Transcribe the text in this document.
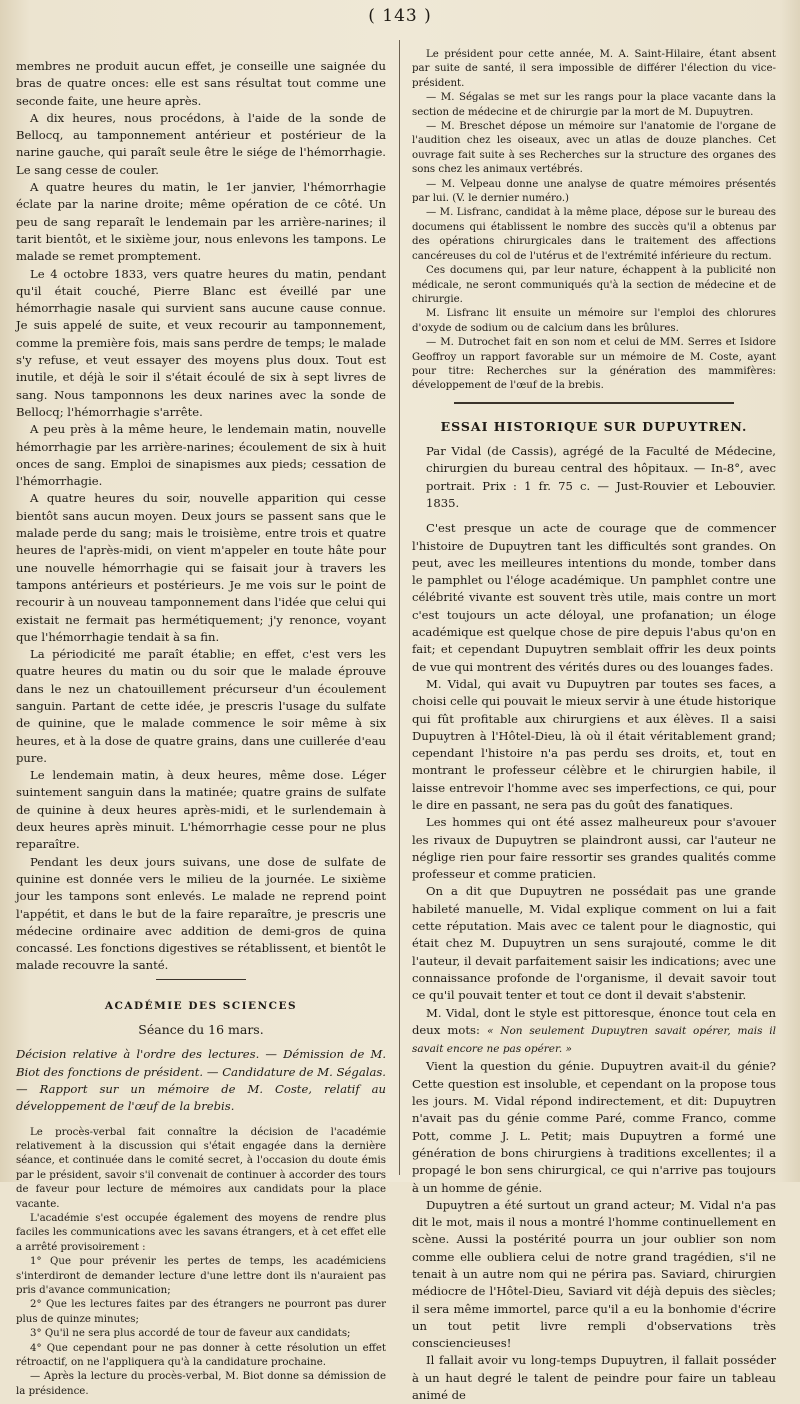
( 143 )

membres ne produit aucun effet, je conseille une saignée du bras de quatre onces: elle est sans résultat tout comme une seconde faite, une heure après.

A dix heures, nous procédons, à l'aide de la sonde de Bellocq, au tamponnement antérieur et postérieur de la narine gauche, qui paraît seule être le siége de l'hémorrhagie. Le sang cesse de couler.

A quatre heures du matin, le 1er janvier, l'hémorrhagie éclate par la narine droite; même opération de ce côté. Un peu de sang reparaît le lendemain par les arrière-narines; il tarit bientôt, et le sixième jour, nous enlevons les tampons. Le malade se remet promptement.

Le 4 octobre 1833, vers quatre heures du matin, pendant qu'il était couché, Pierre Blanc est éveillé par une hémorrhagie nasale qui survient sans aucune cause connue. Je suis appelé de suite, et veux recourir au tamponnement, comme la première fois, mais sans perdre de temps; le malade s'y refuse, et veut essayer des moyens plus doux. Tout est inutile, et déjà le soir il s'était écoulé de six à sept livres de sang. Nous tamponnons les deux narines avec la sonde de Bellocq; l'hémorrhagie s'arrête.

A peu près à la même heure, le lendemain matin, nouvelle hémorrhagie par les arrière-narines; écoulement de six à huit onces de sang. Emploi de sinapismes aux pieds; cessation de l'hémorrhagie.

A quatre heures du soir, nouvelle apparition qui cesse bientôt sans aucun moyen. Deux jours se passent sans que le malade perde du sang; mais le troisième, entre trois et quatre heures de l'après-midi, on vient m'appeler en toute hâte pour une nouvelle hémorrhagie qui se faisait jour à travers les tampons antérieurs et postérieurs. Je me vois sur le point de recourir à un nouveau tamponnement dans l'idée que celui qui existait ne fermait pas hermétiquement; j'y renonce, voyant que l'hémorrhagie tendait à sa fin.

La périodicité me paraît établie; en effet, c'est vers les quatre heures du matin ou du soir que le malade éprouve dans le nez un chatouillement précurseur d'un écoulement sanguin. Partant de cette idée, je prescris l'usage du sulfate de quinine, que le malade commence le soir même à six heures, et à la dose de quatre grains, dans une cuillerée d'eau pure.

Le lendemain matin, à deux heures, même dose. Léger suintement sanguin dans la matinée; quatre grains de sulfate de quinine à deux heures après-midi, et le surlendemain à deux heures après minuit. L'hémorrhagie cesse pour ne plus reparaître.

Pendant les deux jours suivans, une dose de sulfate de quinine est donnée vers le milieu de la journée. Le sixième jour les tampons sont enlevés. Le malade ne reprend point l'appétit, et dans le but de la faire reparaître, je prescris une médecine ordinaire avec addition de demi-gros de quina concassé. Les fonctions digestives se rétablissent, et bientôt le malade recouvre la santé.

ACADÉMIE DES SCIENCES
Séance du 16 mars.

Décision relative à l'ordre des lectures. — Démission de M. Biot des fonctions de président. — Candidature de M. Ségalas. — Rapport sur un mémoire de M. Coste, relatif au développement de l'œuf de la brebis.

Le procès-verbal fait connaître la décision de l'académie relativement à la discussion qui s'était engagée dans la dernière séance, et continuée dans le comité secret, à l'occasion du doute émis par le président, savoir s'il convenait de continuer à accorder des tours de faveur pour lecture de mémoires aux candidats pour la place vacante.

L'académie s'est occupée également des moyens de rendre plus faciles les communications avec les savans étrangers, et à cet effet elle a arrêté provisoirement :

1° Que pour prévenir les pertes de temps, les académiciens s'interdiront de demander lecture d'une lettre dont ils n'auraient pas pris d'avance communication;

2° Que les lectures faites par des étrangers ne pourront pas durer plus de quinze minutes;

3° Qu'il ne sera plus accordé de tour de faveur aux candidats;

4° Que cependant pour ne pas donner à cette résolution un effet rétroactif, on ne l'appliquera qu'à la candidature prochaine.

— Après la lecture du procès-verbal, M. Biot donne sa démission de la présidence.

Le président pour cette année, M. A. Saint-Hilaire, étant absent par suite de santé, il sera impossible de différer l'élection du vice-président.

— M. Ségalas se met sur les rangs pour la place vacante dans la section de médecine et de chirurgie par la mort de M. Dupuytren.

— M. Breschet dépose un mémoire sur l'anatomie de l'organe de l'audition chez les oiseaux, avec un atlas de douze planches. Cet ouvrage fait suite à ses Recherches sur la structure des organes des sons chez les animaux vertébrés.

— M. Velpeau donne une analyse de quatre mémoires présentés par lui. (V. le dernier numéro.)

— M. Lisfranc, candidat à la même place, dépose sur le bureau des documens qui établissent le nombre des succès qu'il a obtenus par des opérations chirurgicales dans le traitement des affections cancéreuses du col de l'utérus et de l'extrémité inférieure du rectum.

Ces documens qui, par leur nature, échappent à la publicité non médicale, ne seront communiqués qu'à la section de médecine et de chirurgie.

M. Lisfranc lit ensuite un mémoire sur l'emploi des chlorures d'oxyde de sodium ou de calcium dans les brûlures.

— M. Dutrochet fait en son nom et celui de MM. Serres et Isidore Geoffroy un rapport favorable sur un mémoire de M. Coste, ayant pour titre: Recherches sur la génération des mammifères: développement de l'œuf de la brebis.

ESSAI HISTORIQUE SUR DUPUYTREN.

Par Vidal (de Cassis), agrégé de la Faculté de Médecine, chirurgien du bureau central des hôpitaux. — In-8°, avec portrait. Prix : 1 fr. 75 c. — Just-Rouvier et Lebouvier. 1835.

C'est presque un acte de courage que de commencer l'histoire de Dupuytren tant les difficultés sont grandes. On peut, avec les meilleures intentions du monde, tomber dans le pamphlet ou l'éloge académique. Un pamphlet contre une célébrité vivante est souvent très utile, mais contre un mort c'est toujours un acte déloyal, une profanation; un éloge académique est quelque chose de pire depuis l'abus qu'on en fait; et cependant Dupuytren semblait offrir les deux points de vue qui montrent des vérités dures ou des louanges fades.

M. Vidal, qui avait vu Dupuytren par toutes ses faces, a choisi celle qui pouvait le mieux servir à une étude historique qui fût profitable aux chirurgiens et aux élèves. Il a saisi Dupuytren à l'Hôtel-Dieu, là où il était véritablement grand; cependant l'histoire n'a pas perdu ses droits, et, tout en montrant le professeur célèbre et le chirurgien habile, il laisse entrevoir l'homme avec ses imperfections, ce qui, pour le dire en passant, ne sera pas du goût des fanatiques.

Les hommes qui ont été assez malheureux pour s'avouer les rivaux de Dupuytren se plaindront aussi, car l'auteur ne néglige rien pour faire ressortir ses grandes qualités comme professeur et comme praticien.

On a dit que Dupuytren ne possédait pas une grande habileté manuelle, M. Vidal explique comment on lui a fait cette réputation. Mais avec ce talent pour le diagnostic, qui était chez M. Dupuytren un sens surajouté, comme le dit l'auteur, il devait parfaitement saisir les indications; avec une connaissance profonde de l'organisme, il devait savoir tout ce qu'il pouvait tenter et tout ce dont il devait s'abstenir.

M. Vidal, dont le style est pittoresque, énonce tout cela en deux mots: « Non seulement Dupuytren savait opérer, mais il savait encore ne pas opérer. »

Vient la question du génie. Dupuytren avait-il du génie? Cette question est insoluble, et cependant on la propose tous les jours. M. Vidal répond indirectement, et dit: Dupuytren n'avait pas du génie comme Paré, comme Franco, comme Pott, comme J. L. Petit; mais Dupuytren a formé une génération de bons chirurgiens à traditions excellentes; il a propagé le bon sens chirurgical, ce qui n'arrive pas toujours à un homme de génie.

Dupuytren a été surtout un grand acteur; M. Vidal n'a pas dit le mot, mais il nous a montré l'homme continuellement en scène. Aussi la postérité pourra un jour oublier son nom comme elle oubliera celui de notre grand tragédien, s'il ne tenait à un autre nom qui ne périra pas. Saviard, chirurgien médiocre de l'Hôtel-Dieu, Saviard vit déjà depuis des siècles; il sera même immortel, parce qu'il a eu la bonhomie d'écrire un tout petit livre rempli d'observations très consciencieuses!

Il fallait avoir vu long-temps Dupuytren, il fallait posséder à un haut degré le talent de peindre pour faire un tableau animé de
